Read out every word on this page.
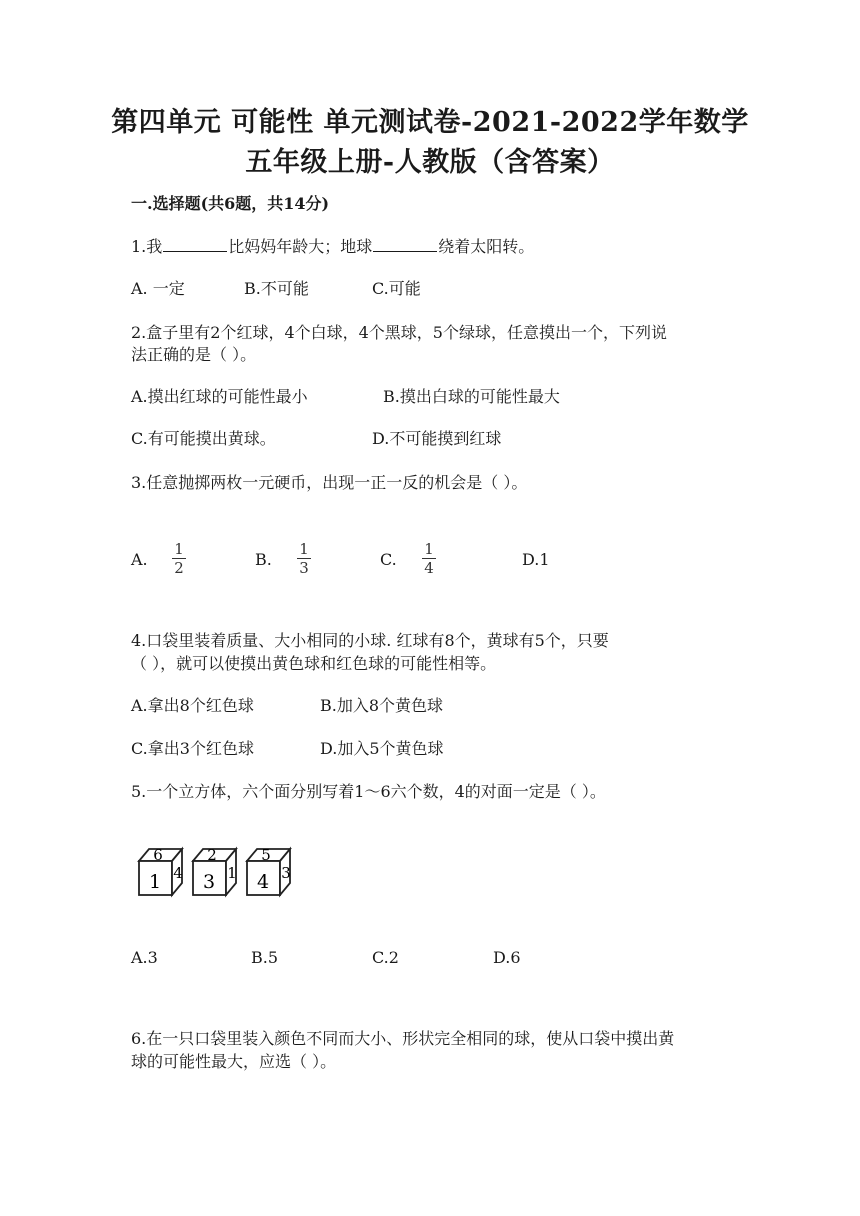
第四单元 可能性 单元测试卷-2021-2022学年数学
五年级上册-人教版（含答案）
一.选择题(共6题，共14分)
1.我	比妈妈年龄大；地球	绕着太阳转。
A. 一定	B.不可能	C.可能
2.盒子里有2个红球，4个白球，4个黑球，5个绿球，任意摸出一个，下列说
法正确的是（ ）。
A.摸出红球的可能性最小	B.摸出白球的可能性最大
C.有可能摸出黄球。	D.不可能摸到红球
3.任意抛掷两枚一元硬币，出现一正一反的机会是（ ）。
A.
1
2	B.
1
3	C.
1
4	D.1
4.口袋里装着质量、大小相同的小球. 红球有8个，黄球有5个，只要
（ ），就可以使摸出黄色球和红色球的可能性相等。
A.拿出8个红色球	B.加入8个黄色球
C.拿出3个红色球	D.加入5个黄色球
5.一个立方体，六个面分别写着1～6六个数，4的对面一定是（ ）。
6
1 4
2
3 1
5
4 3
A.3	B.5	C.2	D.6
6.在一只口袋里装入颜色不同而大小、形状完全相同的球，使从口袋中摸出黄
球的可能性最大，应选（ ）。
